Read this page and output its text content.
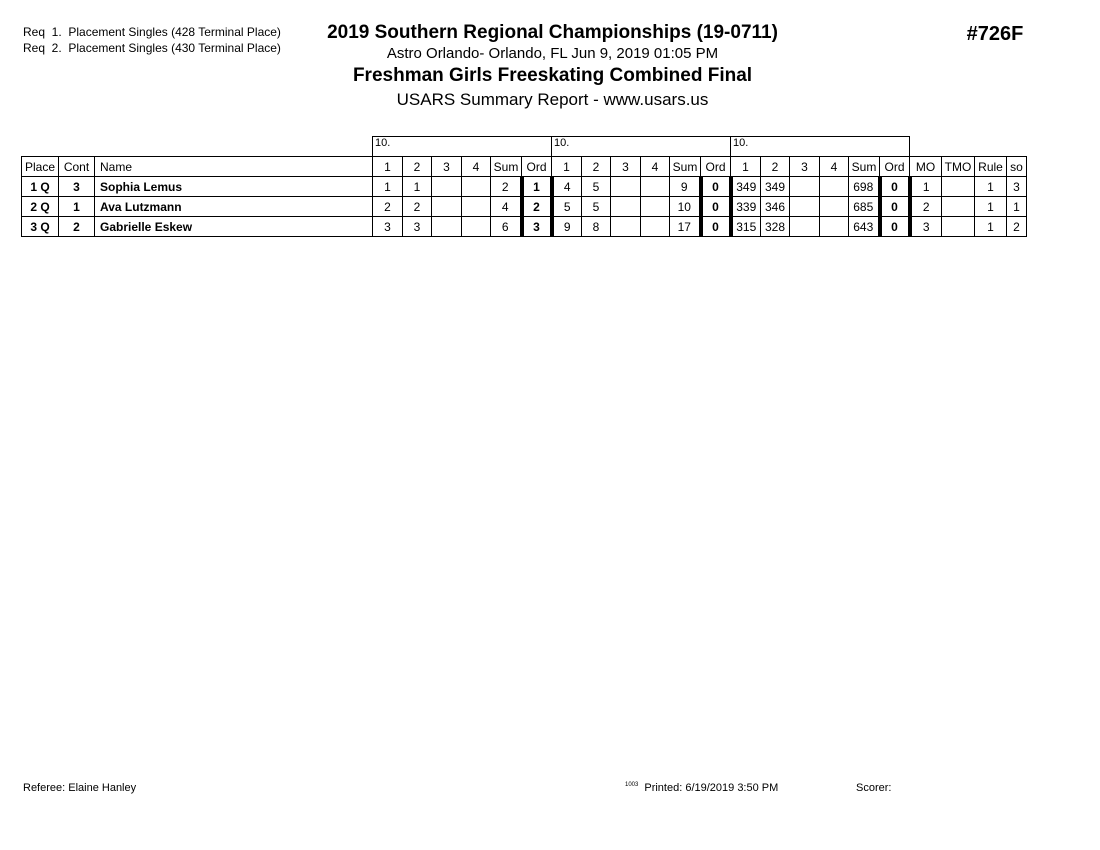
Req  1.  Placement Singles (428 Terminal Place)
Req  2.  Placement Singles (430 Terminal Place)
2019 Southern Regional Championships (19-0711)
Astro Orlando- Orlando, FL Jun 9, 2019 01:05 PM
Freshman Girls Freeskating Combined Final
USARS Summary Report - www.usars.us
#726F
			10.						10.						10.									
Place	Cont	Name	1	2	3	4	Sum	Ord	1	2	3	4	Sum	Ord	1	2	3	4	Sum	Ord	MO	TMO	Rule	so
1 Q	3	Sophia Lemus	1	1			2	1	4	5			9	0	349	349			698	0	1		1	3
2 Q	1	Ava Lutzmann	2	2			4	2	5	5			10	0	339	346			685	0	2		1	1
3 Q	2	Gabrielle Eskew	3	3			6	3	9	8			17	0	315	328			643	0	3		1	2
Referee: Elaine Hanley	$^{1003}$ Printed: 6/19/2019 3:50 PM	Scorer:
